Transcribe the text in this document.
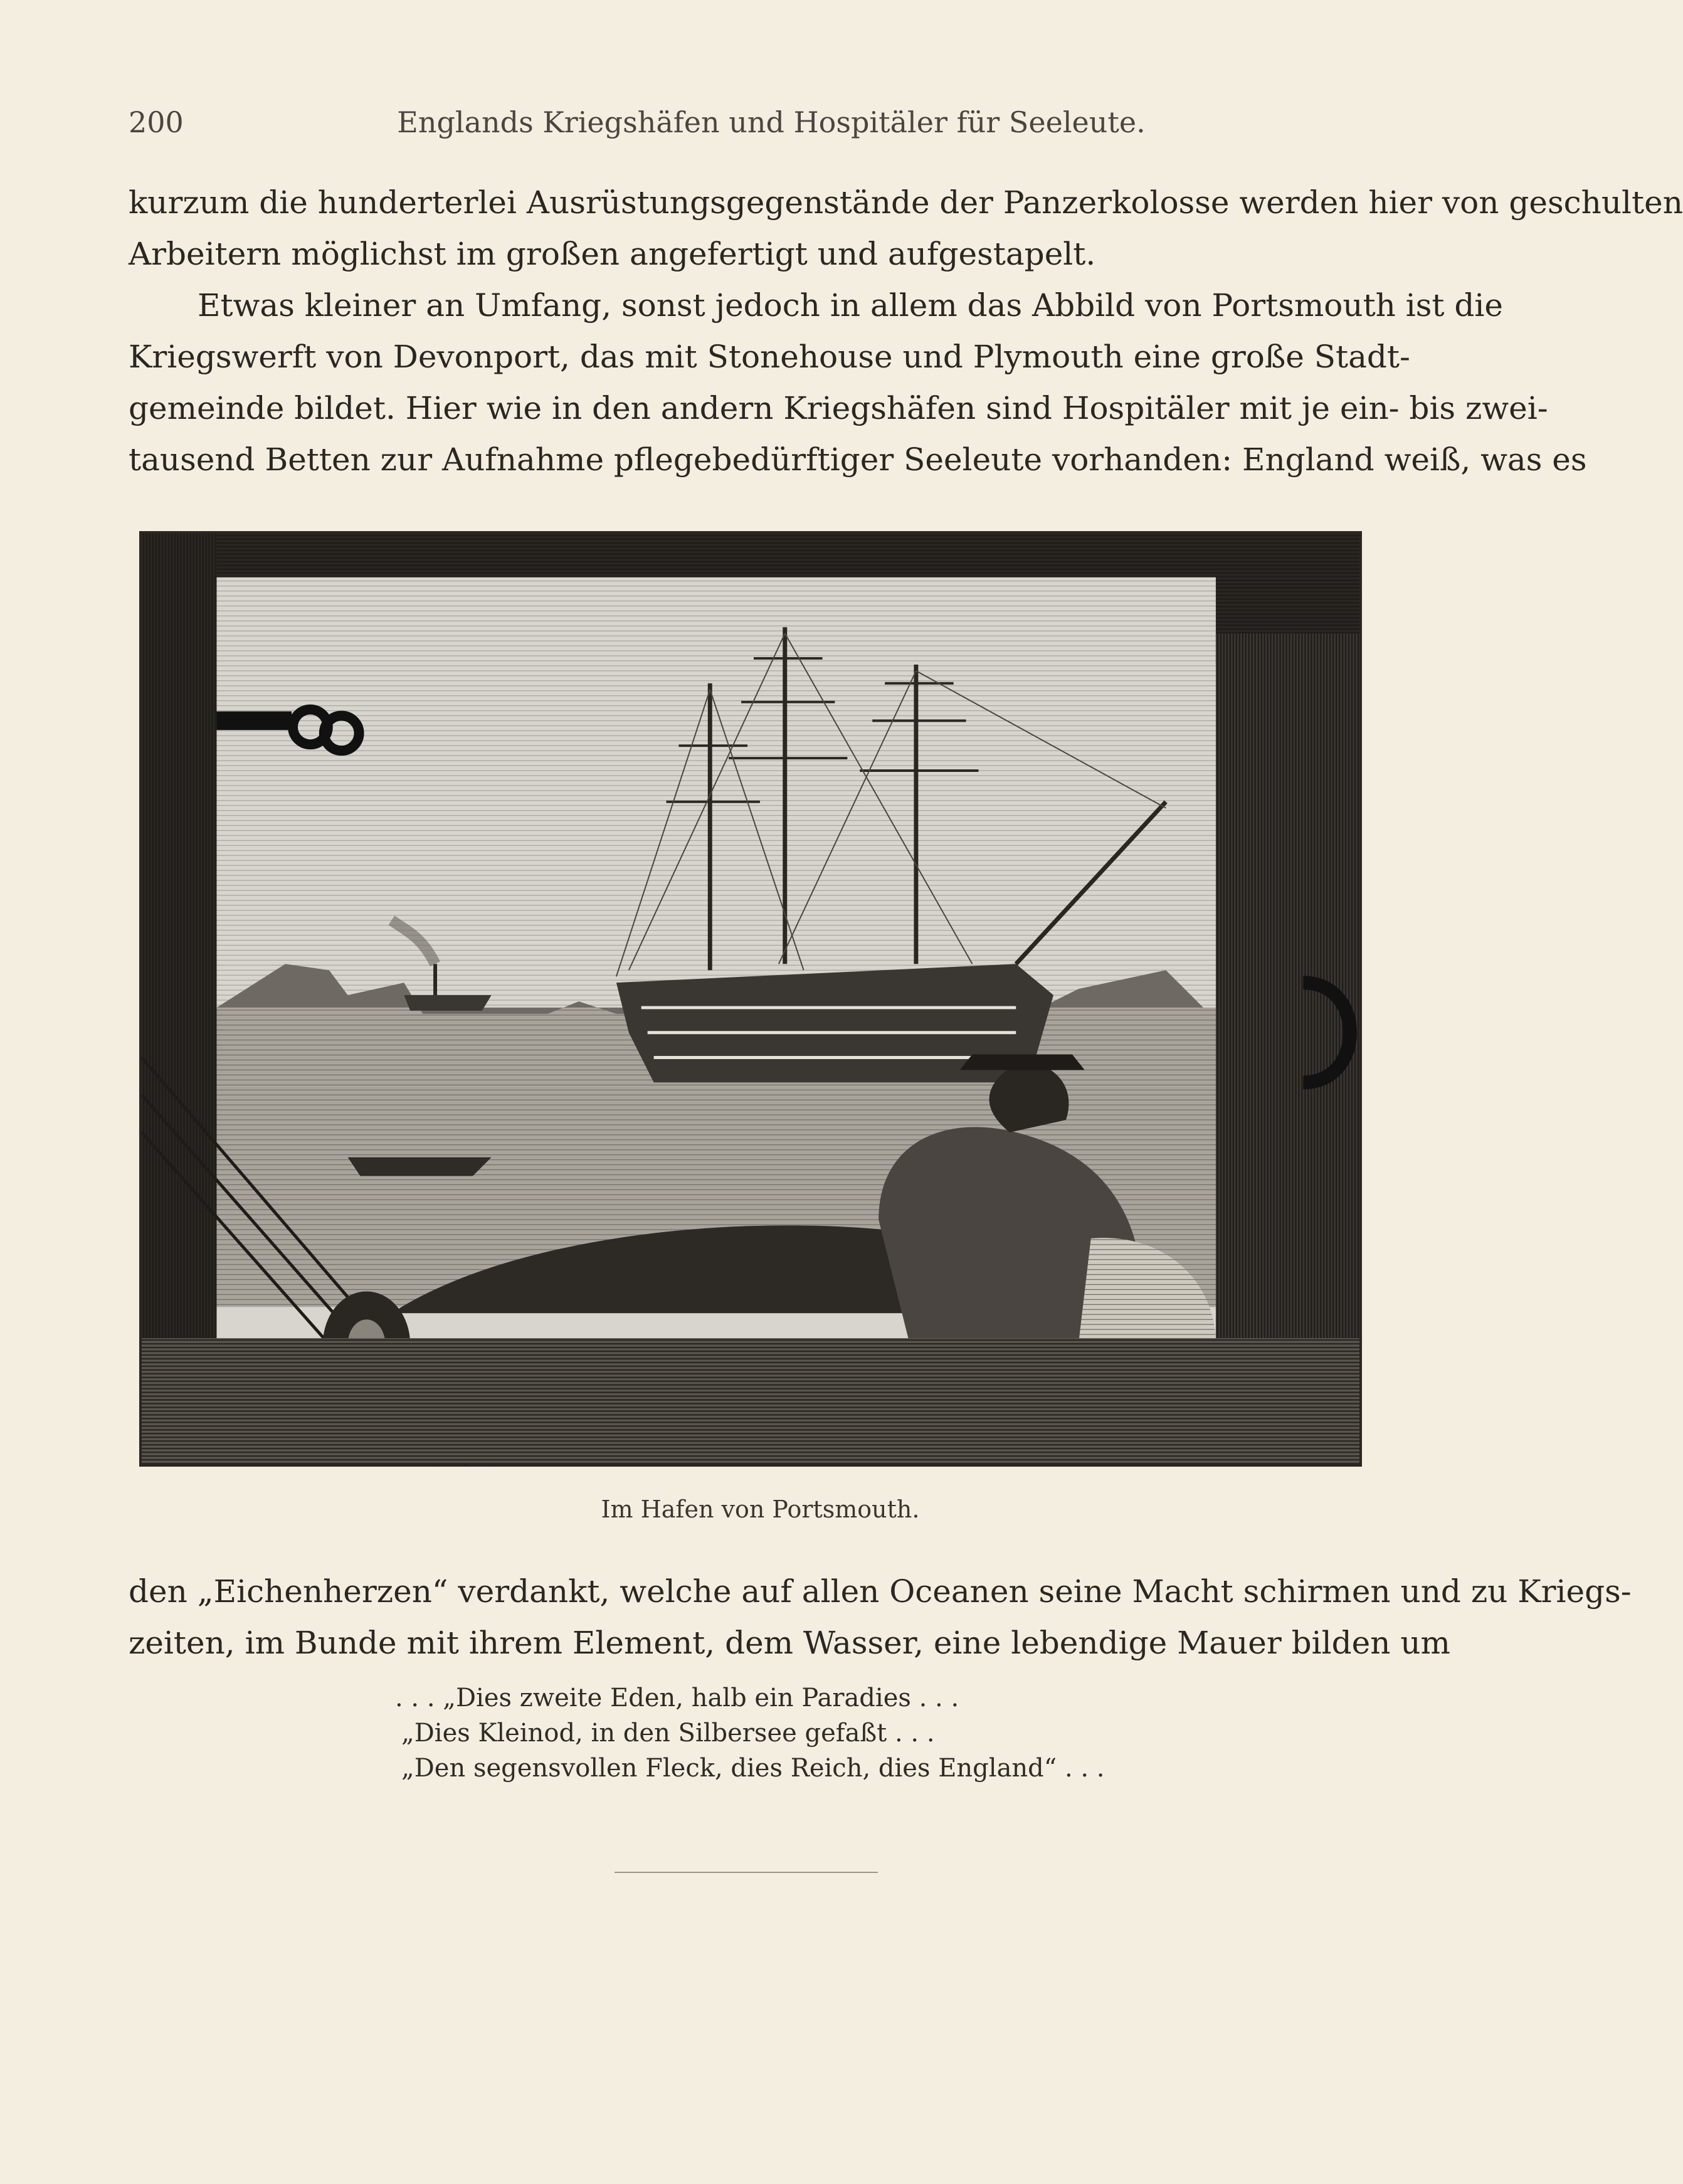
200	Englands Kriegshäfen und Hospitäler für Seeleute.
kurzum die hunderterlei Ausrüstungsgegenstände der Panzerkolosse werden hier von geschulten
Arbeitern möglichst im großen angefertigt und aufgestapelt.
Etwas kleiner an Umfang, sonst jedoch in allem das Abbild von Portsmouth ist die
Kriegswerft von Devonport, das mit Stonehouse und Plymouth eine große Stadt-
gemeinde bildet. Hier wie in den andern Kriegshäfen sind Hospitäler mit je ein- bis zwei-
tausend Betten zur Aufnahme pflegebedürftiger Seeleute vorhanden: England weiß, was es
Im Hafen von Portsmouth.
den „Eichenherzen“ verdankt, welche auf allen Oceanen seine Macht schirmen und zu Kriegs-
zeiten, im Bunde mit ihrem Element, dem Wasser, eine lebendige Mauer bilden um
. . . „Dies zweite Eden, halb ein Paradies . . .
„Dies Kleinod, in den Silbersee gefaßt . . .
„Den segensvollen Fleck, dies Reich, dies England“ . . .
